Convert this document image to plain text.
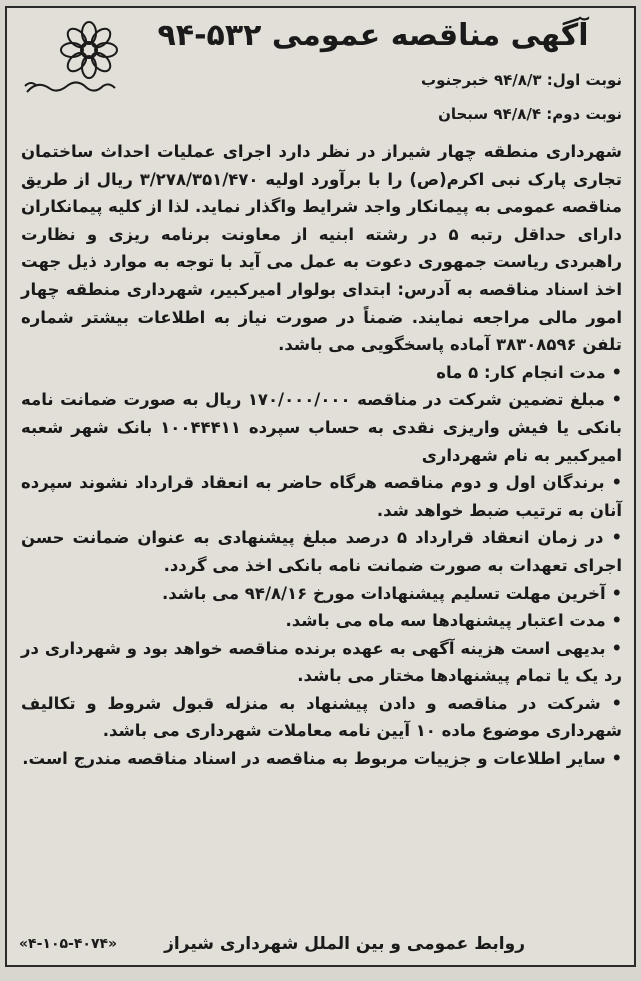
آگهی مناقصه عمومی ۵۳۲-۹۴
نوبت اول: ۹۴/۸/۳ خبرجنوب
نوبت دوم: ۹۴/۸/۴ سبحان

شهرداری منطقه چهار شیراز در نظر دارد اجرای عملیات احداث ساختمان تجاری پارک نبی اکرم(ص) را با برآورد اولیه ۳/۲۷۸/۳۵۱/۴۷۰ ریال از طریق مناقصه عمومی به پیمانکار واجد شرایط واگذار نماید. لذا از کلیه پیمانکاران دارای حداقل رتبه ۵ در رشته ابنیه از معاونت برنامه ریزی و نظارت راهبردی ریاست جمهوری دعوت به عمل می آید با توجه به موارد ذیل جهت اخذ اسناد مناقصه به آدرس: ابتدای بولوار امیرکبیر، شهرداری منطقه چهار امور مالی مراجعه نمایند. ضمناً در صورت نیاز به اطلاعات بیشتر شماره تلفن ۳۸۳۰۸۵۹۶ آماده پاسخگویی می باشد.

• مدت انجام کار: ۵ ماه

• مبلغ تضمین شرکت در مناقصه ۱۷۰/۰۰۰/۰۰۰ ریال به صورت ضمانت نامه بانکی یا فیش واریزی نقدی به حساب سپرده ۱۰۰۴۴۴۱۱ بانک شهر شعبه امیرکبیر به نام شهرداری

• برندگان اول و دوم مناقصه هرگاه حاضر به انعقاد قرارداد نشوند سپرده آنان به ترتیب ضبط خواهد شد.

• در زمان انعقاد قرارداد ۵ درصد مبلغ پیشنهادی به عنوان ضمانت حسن اجرای تعهدات به صورت ضمانت نامه بانکی اخذ می گردد.

• آخرین مهلت تسلیم پیشنهادات مورخ ۹۴/۸/۱۶ می باشد.

• مدت اعتبار پیشنهادها سه ماه می باشد.

• بدیهی است هزینه آگهی به عهده برنده مناقصه خواهد بود و شهرداری در رد یک یا تمام پیشنهادها مختار می باشد.

• شرکت در مناقصه و دادن پیشنهاد به منزله قبول شروط و تکالیف شهرداری موضوع ماده ۱۰ آیین نامه معاملات شهرداری می باشد.

• سایر اطلاعات و جزییات مربوط به مناقصه در اسناد مناقصه مندرج است.

روابط عمومی و بین الملل شهرداری شیراز
«۴-۱۰۵-۴۰۷۴»
